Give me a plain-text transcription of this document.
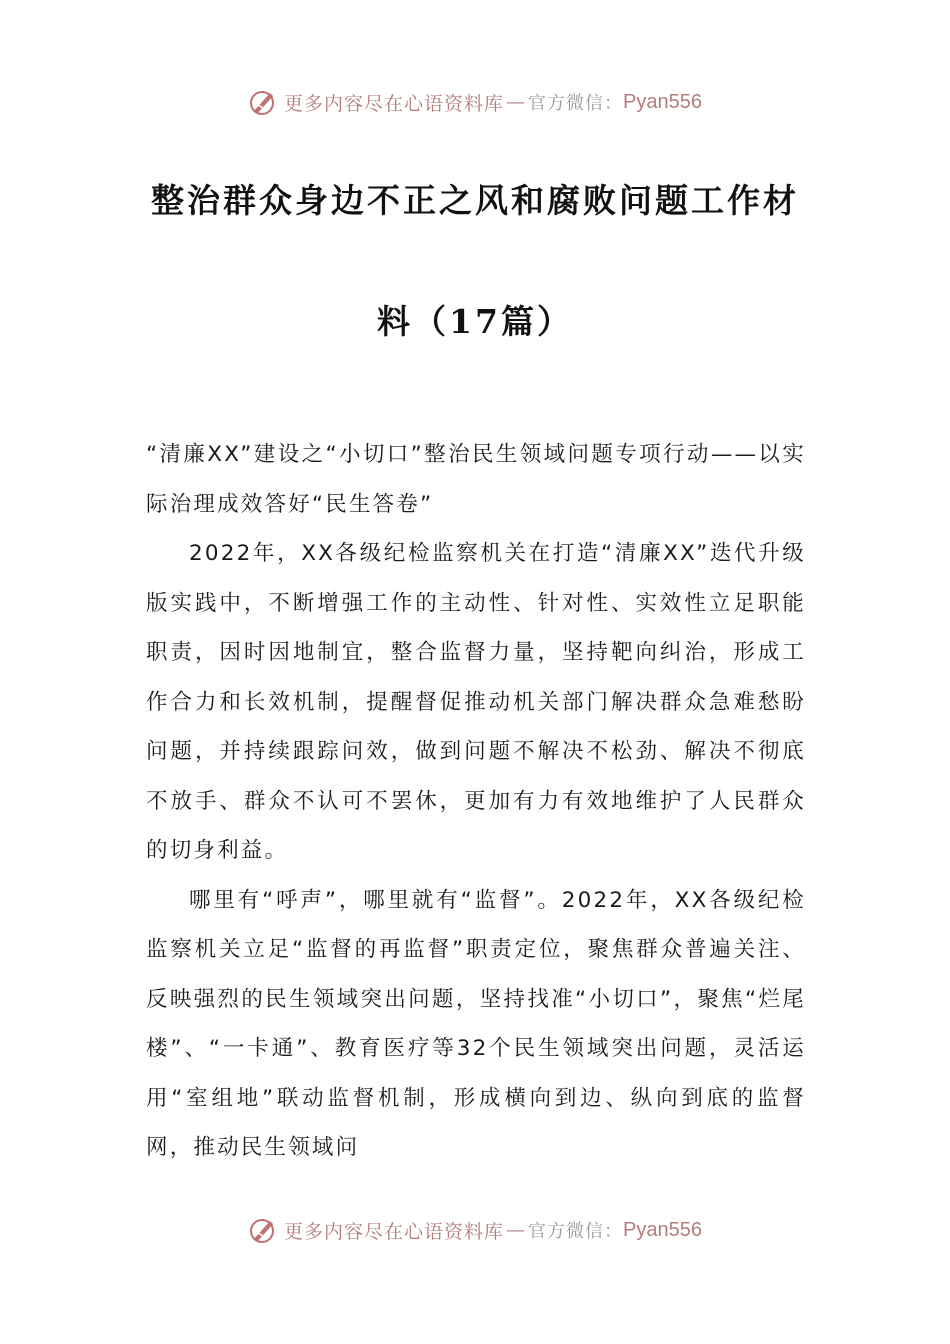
更多内容尽在心语资料库 — 官方微信： Pyan556
整治群众身边不正之风和腐败问题工作材
料（17篇）

“清廉XX”建设之“小切口”整治民生领域问题专项行动——以实际治理成效答好“民生答卷”

2022年，XX各级纪检监察机关在打造“清廉XX”迭代升级版实践中，不断增强工作的主动性、针对性、实效性立足职能职责，因时因地制宜，整合监督力量，坚持靶向纠治，形成工作合力和长效机制，提醒督促推动机关部门解决群众急难愁盼问题，并持续跟踪问效，做到问题不解决不松劲、解决不彻底不放手、群众不认可不罢休，更加有力有效地维护了人民群众的切身利益。

哪里有“呼声”，哪里就有“监督”。2022年，XX各级纪检监察机关立足“监督的再监督”职责定位，聚焦群众普遍关注、反映强烈的民生领域突出问题，坚持找准“小切口”，聚焦“烂尾楼”、“一卡通”、教育医疗等32个民生领域突出问题，灵活运用“室组地”联动监督机制，形成横向到边、纵向到底的监督网，推动民生领域问

更多内容尽在心语资料库 — 官方微信： Pyan556
